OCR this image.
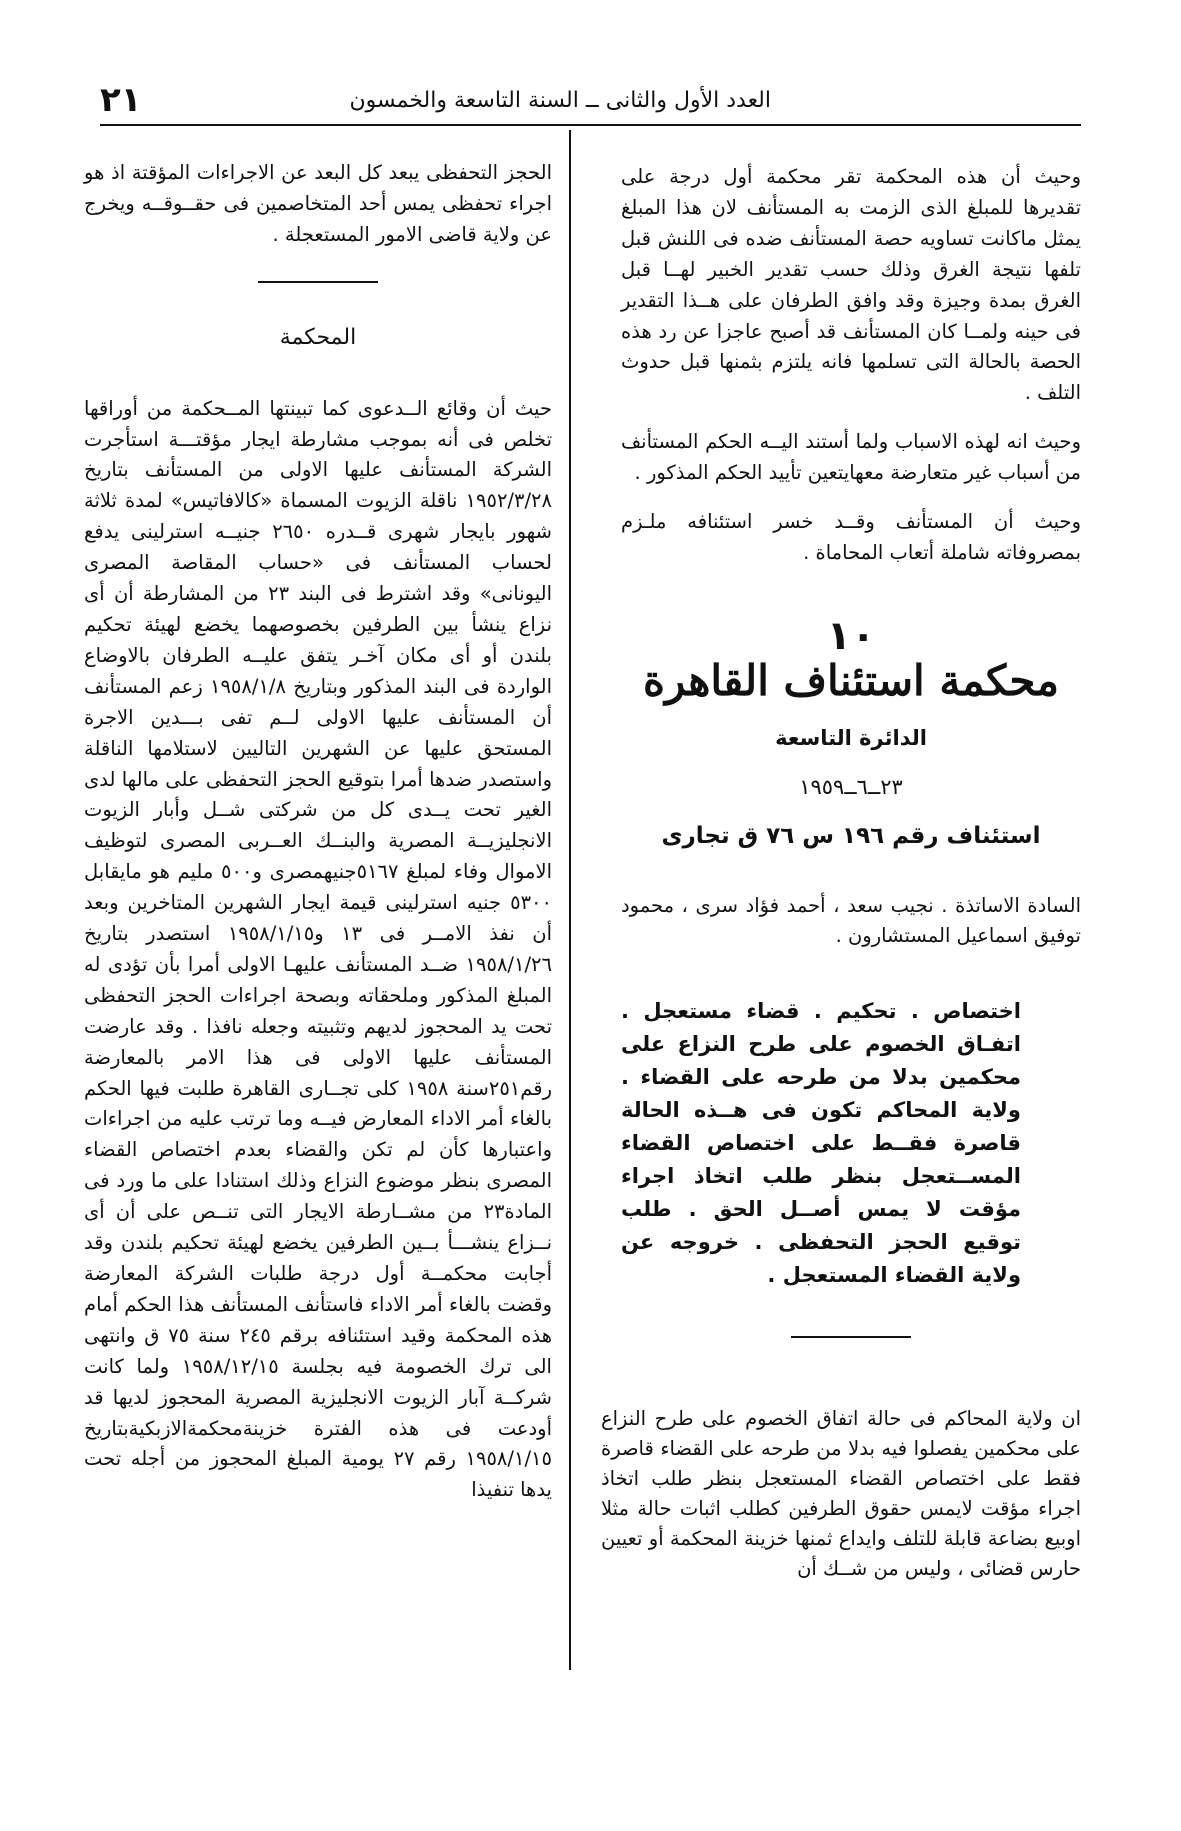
العدد الأول والثانى ــ السنة التاسعة والخمسون
٢١

وحيث أن هذه المحكمة تقر محكمة أول درجة على تقديرها للمبلغ الذى الزمت به المستأنف لان هذا المبلغ يمثل ماكانت تساويه حصة المستأنف ضده فى اللنش قبل تلفها نتيجة الغرق وذلك حسب تقدير الخبير لهــا قبل الغرق بمدة وجيزة وقد وافق الطرفان على هــذا التقدير فى حينه ولمــا كان المستأنف قد أصبح عاجزا عن رد هذه الحصة بالحالة التى تسلمها فانه يلتزم بثمنها قبل حدوث التلف .

وحيث انه لهذه الاسباب ولما أستند اليــه الحكم المستأنف من أسباب غير متعارضة معهايتعين تأييد الحكم المذكور .

وحيث أن المستأنف وقــد خسر استئنافه ملـزم بمصروفاته شاملة أتعاب المحاماة .

١٠
محكمة استئناف القاهرة
الدائرة التاسعة
٢٣ــ٦ــ١٩٥٩
استئناف رقم ١٩٦ س ٧٦ ق تجارى

السادة الاساتذة . نجيب سعد ، أحمد فؤاد سرى ، محمود توفيق اسماعيل المستشارون .

اختصاص . تحكيم . قضاء مستعجل . اتفـاق الخصوم على طرح النزاع على محكمين بدلا من طرحه على القضاء . ولاية المحاكم تكون فى هــذه الحالة قاصرة فقــط على اختصاص القضاء المســتعجل بنظر طلب اتخاذ اجراء مؤقت لا يمس أصــل الحق . طلب توقيع الحجز التحفظى . خروجه عن ولاية القضاء المستعجل .

ان ولاية المحاكم فى حالة اتفاق الخصوم على طرح النزاع على محكمين يفصلوا فيه بدلا من طرحه على القضاء قاصرة فقط على اختصاص القضاء المستعجل بنظر طلب اتخاذ اجراء مؤقت لايمس حقوق الطرفين كطلب اثبات حالة مثلا اوبيع بضاعة قابلة للتلف وايداع ثمنها خزينة المحكمة أو تعيين حارس قضائى ، وليس من شــك أن

الحجز التحفظى يبعد كل البعد عن الاجراءات المؤقتة اذ هو اجراء تحفظى يمس أحد المتخاصمين فى حقــوقــه ويخرج عن ولاية قاضى الامور المستعجلة .

المحكمة

حيث أن وقائع الــدعوى كما تبينتها المــحكمة من أوراقها تخلص فى أنه بموجب مشارطة ايجار مؤقتـــة استأجرت الشركة المستأنف عليها الاولى من المستأنف بتاريخ ١٩٥٢/٣/٢٨ ناقلة الزيوت المسماة «كالافاتيس» لمدة ثلاثة شهور بايجار شهرى قــدره ٢٦٥٠ جنيــه استرلينى يدفع لحساب المستأنف فى «حساب المقاصة المصرى اليونانى» وقد اشترط فى البند ٢٣ من المشارطة أن أى نزاع ينشأ بين الطرفين بخصوصهما يخضع لهيئة تحكيم بلندن أو أى مكان آخـر يتفق عليــه الطرفان بالاوضاع الواردة فى البند المذكور وبتاريخ ١٩٥٨/١/٨ زعم المستأنف أن المستأنف عليها الاولى لــم تفى بـــدين الاجرة المستحق عليها عن الشهرين التاليين لاستلامها الناقلة واستصدر ضدها أمرا بتوقيع الحجز التحفظى على مالها لدى الغير تحت يــدى كل من شركتى شــل وأبار الزيوت الانجليزيــة المصرية والبنــك العــربى المصرى لتوظيف الاموال وفاء لمبلغ ٥١٦٧جنيهمصرى و٥٠٠ مليم هو مايقابل ٥٣٠٠ جنيه استرلينى قيمة ايجار الشهرين المتاخرين وبعد أن نفذ الامــر فى ١٣ و١٩٥٨/١/١٥ استصدر بتاريخ ١٩٥٨/١/٢٦ ضــد المستأنف عليهـا الاولى أمرا بأن تؤدى له المبلغ المذكور وملحقاته وبصحة اجراءات الحجز التحفظى تحت يد المحجوز لديهم وتثبيته وجعله نافذا . وقد عارضت المستأنف عليها الاولى فى هذا الامر بالمعارضة رقم٢٥١سنة ١٩٥٨ كلى تجــارى القاهرة طلبت فيها الحكم بالغاء أمر الاداء المعارض فيــه وما ترتب عليه من اجراءات واعتبارها كأن لم تكن والقضاء بعدم اختصاص القضاء المصرى بنظر موضوع النزاع وذلك استنادا على ما ورد فى المادة٢٣ من مشــارطة الايجار التى تنــص على أن أى نــزاع ينشـــأ بــين الطرفين يخضع لهيئة تحكيم بلندن وقد أجابت محكمــة أول درجة طلبات الشركة المعارضة وقضت بالغاء أمر الاداء فاستأنف المستأنف هذا الحكم أمام هذه المحكمة وقيد استئنافه برقم ٢٤٥ سنة ٧٥ ق وانتهى الى ترك الخصومة فيه بجلسة ١٩٥٨/١٢/١٥ ولما كانت شركــة آبار الزيوت الانجليزية المصرية المحجوز لديها قد أودعت فى هذه الفترة خزينةمحكمةالازبكيةبتاريخ ١٩٥٨/١/١٥ رقم ٢٧ يومية المبلغ المحجوز من أجله تحت يدها تنفيذا
